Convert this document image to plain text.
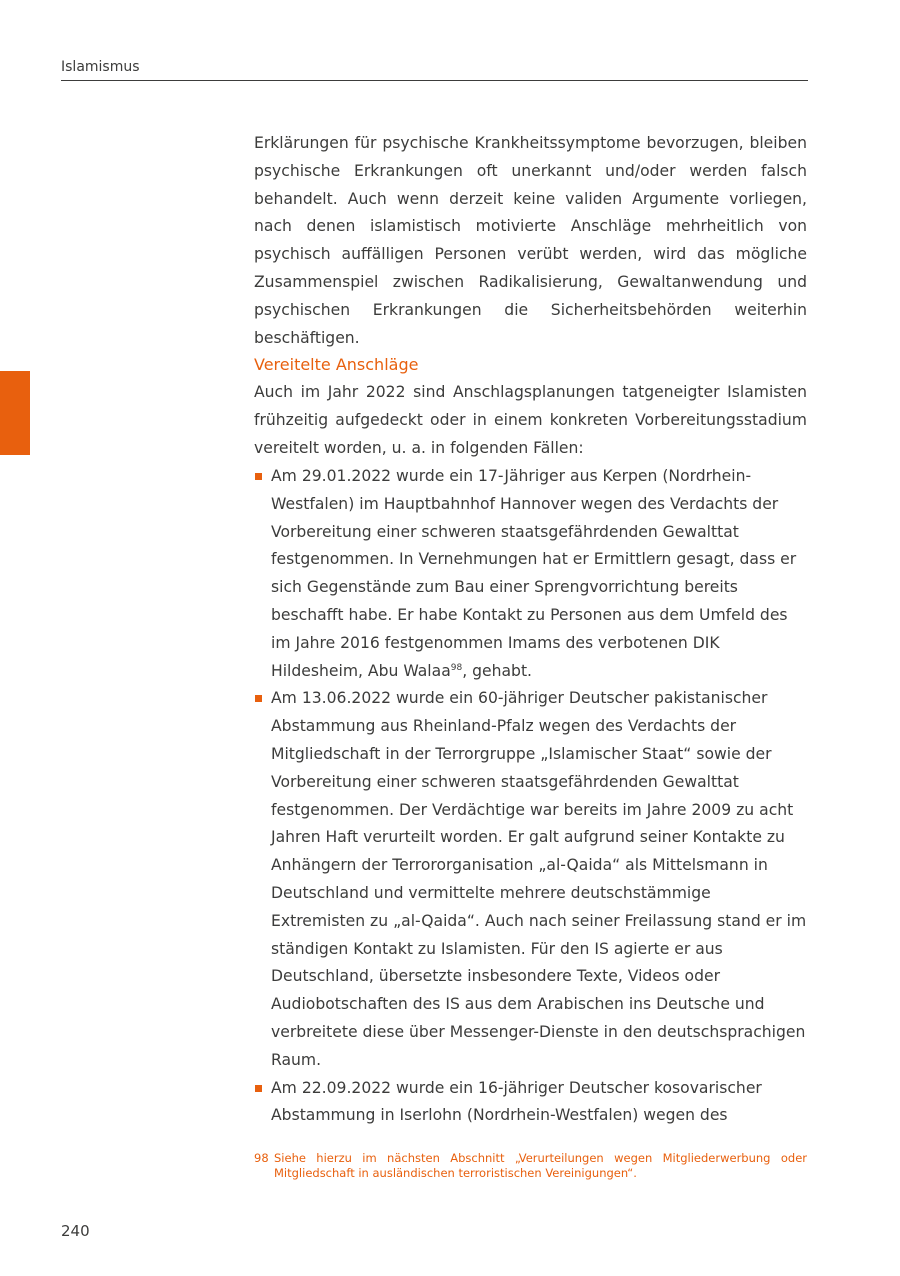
Islamismus

Erklärungen für psychische Krankheitssymptome bevorzugen, bleiben psychische Erkrankungen oft unerkannt und/oder werden falsch behandelt. Auch wenn derzeit keine validen Argumente vorliegen, nach denen islamistisch motivierte Anschläge mehrheitlich von psychisch auffälligen Personen verübt werden, wird das mögliche Zusammenspiel zwischen Radikalisierung, Gewaltanwendung und psychischen Erkrankungen die Sicherheitsbehörden weiterhin beschäftigen.

Vereitelte Anschläge

Auch im Jahr 2022 sind Anschlagsplanungen tatgeneigter Islamisten frühzeitig aufgedeckt oder in einem konkreten Vorbereitungsstadium vereitelt worden, u. a. in folgenden Fällen:

Am 29.01.2022 wurde ein 17-Jähriger aus Kerpen (Nordrhein-Westfalen) im Hauptbahnhof Hannover wegen des Verdachts der Vorbereitung einer schweren staatsgefährdenden Gewalttat festgenommen. In Vernehmungen hat er Ermittlern gesagt, dass er sich Gegenstände zum Bau einer Sprengvorrichtung bereits beschafft habe. Er habe Kontakt zu Personen aus dem Umfeld des im Jahre 2016 festgenommen Imams des verbotenen DIK Hildesheim, Abu Walaa$^{98}$, gehabt.
Am 13.06.2022 wurde ein 60-jähriger Deutscher pakistanischer Abstammung aus Rheinland-Pfalz wegen des Verdachts der Mitgliedschaft in der Terrorgruppe „Islamischer Staat“ sowie der Vorbereitung einer schweren staatsgefährdenden Gewalttat festgenommen. Der Verdächtige war bereits im Jahre 2009 zu acht Jahren Haft verurteilt worden. Er galt aufgrund seiner Kontakte zu Anhängern der Terrororganisation „al-Qaida“ als Mittelsmann in Deutschland und vermittelte mehrere deutschstämmige Extremisten zu „al-Qaida“. Auch nach seiner Freilassung stand er im ständigen Kontakt zu Islamisten. Für den IS agierte er aus Deutschland, übersetzte insbesondere Texte, Videos oder Audiobotschaften des IS aus dem Arabischen ins Deutsche und verbreitete diese über Messenger-Dienste in den deutschsprachigen Raum.
Am 22.09.2022 wurde ein 16-jähriger Deutscher kosovarischer Abstammung in Iserlohn (Nordrhein-Westfalen) wegen des
98 Siehe hierzu im nächsten Abschnitt „Verurteilungen wegen Mitgliederwerbung oder Mitgliedschaft in ausländischen terroristischen Vereinigungen“.
240
